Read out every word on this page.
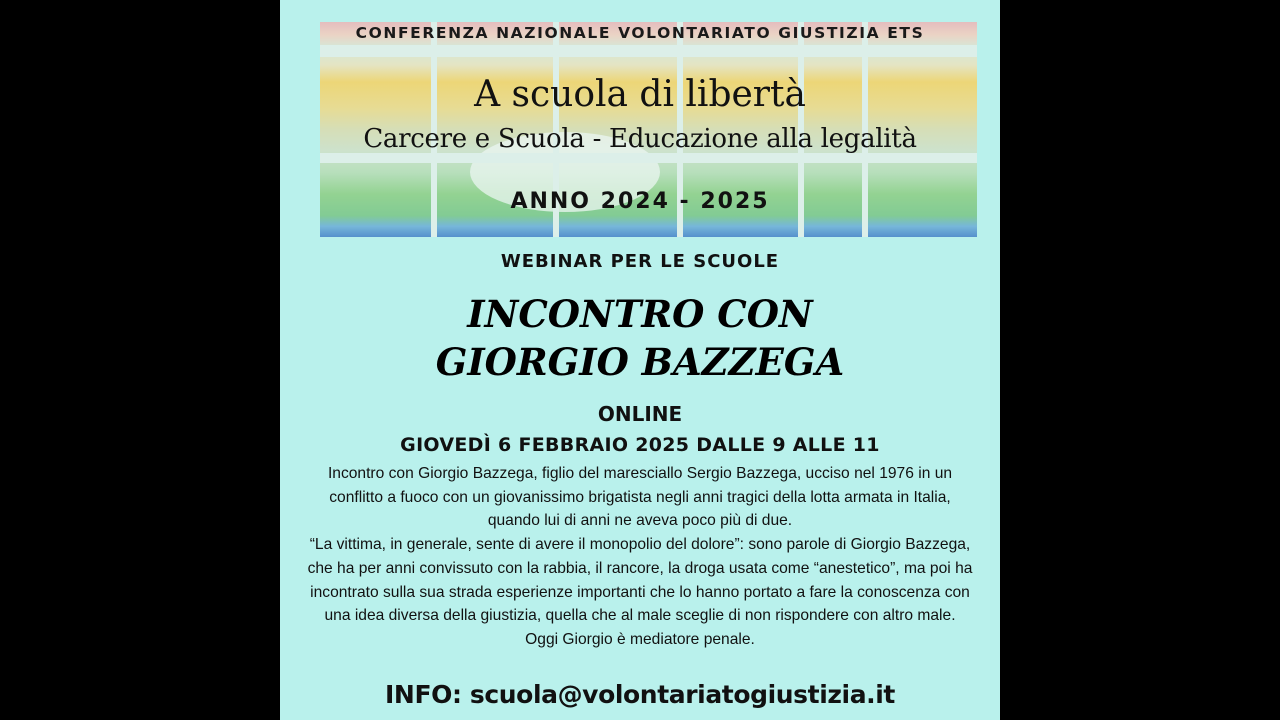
CONFERENZA NAZIONALE VOLONTARIATO GIUSTIZIA ETS
A scuola di libertà
Carcere e Scuola - Educazione alla legalità
ANNO 2024 - 2025
WEBINAR PER LE SCUOLE
INCONTRO CON
GIORGIO BAZZEGA
ONLINE
GIOVEDÌ 6 FEBBRAIO 2025 DALLE 9 ALLE 11

Incontro con Giorgio Bazzega, figlio del maresciallo Sergio Bazzega, ucciso nel 1976 in un conflitto a fuoco con un giovanissimo brigatista negli anni tragici della lotta armata in Italia, quando lui di anni ne aveva poco più di due.

“La vittima, in generale, sente di avere il monopolio del dolore”: sono parole di Giorgio Bazzega, che ha per anni convissuto con la rabbia, il rancore, la droga usata come “anestetico”, ma poi ha incontrato sulla sua strada esperienze importanti che lo hanno portato a fare la conoscenza con una idea diversa della giustizia, quella che al male sceglie di non rispondere con altro male. Oggi Giorgio è mediatore penale.

INFO: scuola@volontariatogiustizia.it
